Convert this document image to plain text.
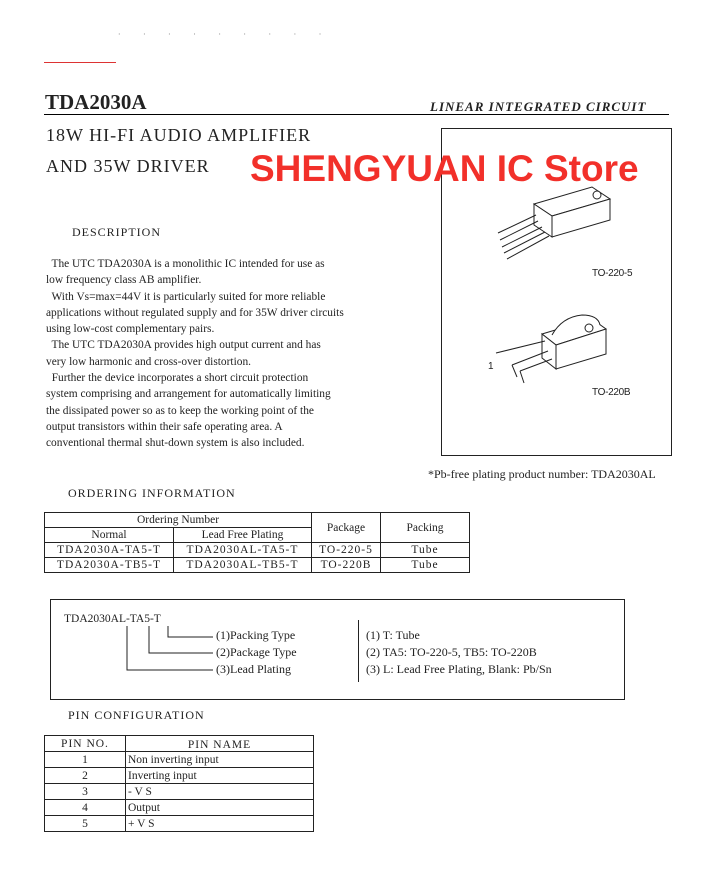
· · · · · · · · ·
TDA2030A	LINEAR INTEGRATED CIRCUIT
18W HI-FI AUDIO AMPLIFIER
AND 35W DRIVER
TO-220-5
1
TO-220B
SHENGYUAN IC Store
DESCRIPTION
The UTC TDA2030A is a monolithic IC intended for use as
low frequency class AB amplifier.
With Vs=max=44V it is particularly suited for more reliable
applications without regulated supply and for 35W driver circuits
using low-cost complementary pairs.
The UTC TDA2030A provides high output current and has
very low harmonic and cross-over distortion.
Further the device incorporates a short circuit protection
system comprising and arrangement for automatically limiting
the dissipated power so as to keep the working point of the
output transistors within their safe operating area. A
conventional thermal shut-down system is also included.
*Pb-free plating product number: TDA2030AL
ORDERING INFORMATION
Ordering Number		Package	Packing
Normal	Lead Free Plating		
TDA2030A-TA5-T	TDA2030AL-TA5-T	TO-220-5	Tube
TDA2030A-TB5-T	TDA2030AL-TB5-T	TO-220B	Tube
TDA2030AL-TA5-T
(1)Packing Type
(2)Package Type
(3)Lead Plating
(1) T: Tube
(2) TA5: TO-220-5, TB5: TO-220B
(3) L: Lead Free Plating, Blank: Pb/Sn
PIN CONFIGURATION
PIN NO.	PIN NAME
1	Non inverting input
2	Inverting input
3	- V S
4	Output
5	+ V S
